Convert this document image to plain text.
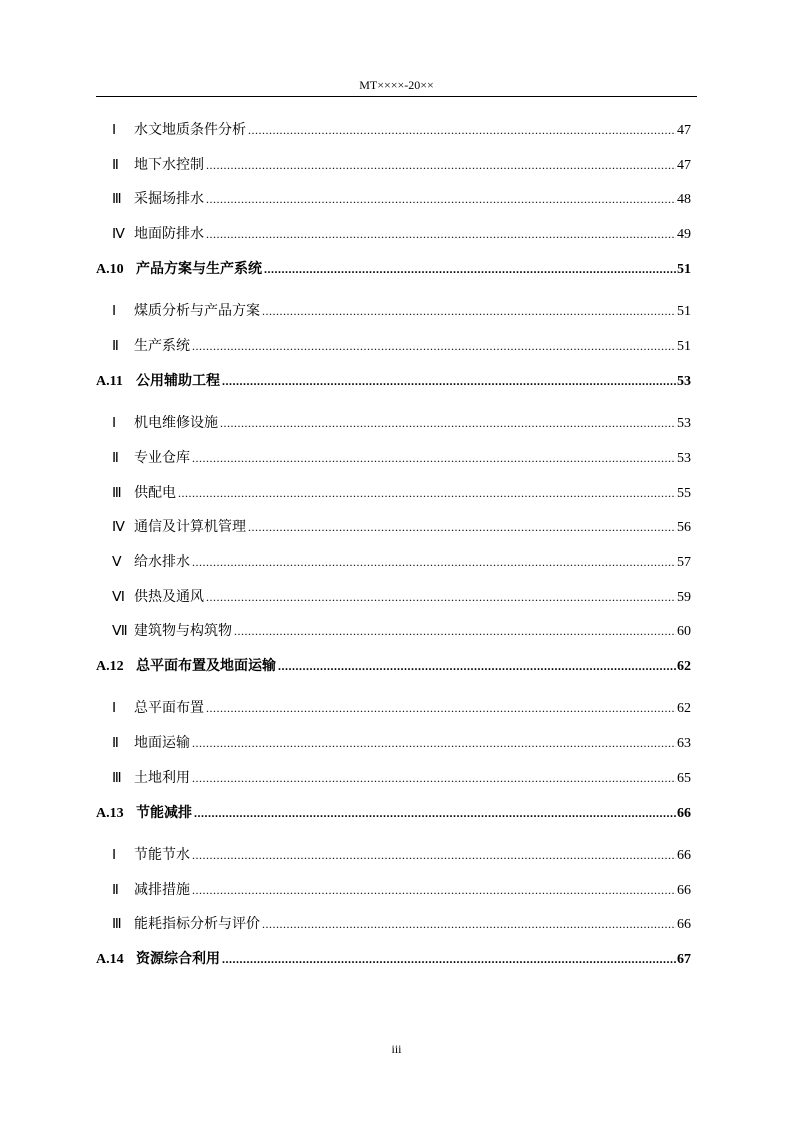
MT××××-20××
Ⅰ	水文地质条件分析 .....	47
Ⅱ	地下水控制 .....	47
Ⅲ 采掘场排水 .....	48
Ⅳ 地面防排水 .....	49
A.10 产品方案与生产系统 .....	51
Ⅰ	煤质分析与产品方案 .....	51
Ⅱ	生产系统 .....	51
A.11 公用辅助工程 .....	53
Ⅰ	机电维修设施 .....	53
Ⅱ	专业仓库 .....	53
Ⅲ 供配电 .....	55
Ⅳ 通信及计算机管理 .....	56
Ⅴ 给水排水 .....	57
Ⅵ 供热及通风 .....	59
Ⅶ 建筑物与构筑物 .....	60
A.12 总平面布置及地面运输 .....	62
Ⅰ	总平面布置 .....	62
Ⅱ	地面运输 .....	63
Ⅲ 土地利用 .....	65
A.13 节能减排 .....	66
Ⅰ	节能节水 .....	66
Ⅱ	减排措施 .....	66
Ⅲ 能耗指标分析与评价 .....	66
A.14 资源综合利用 .....	67
iii
